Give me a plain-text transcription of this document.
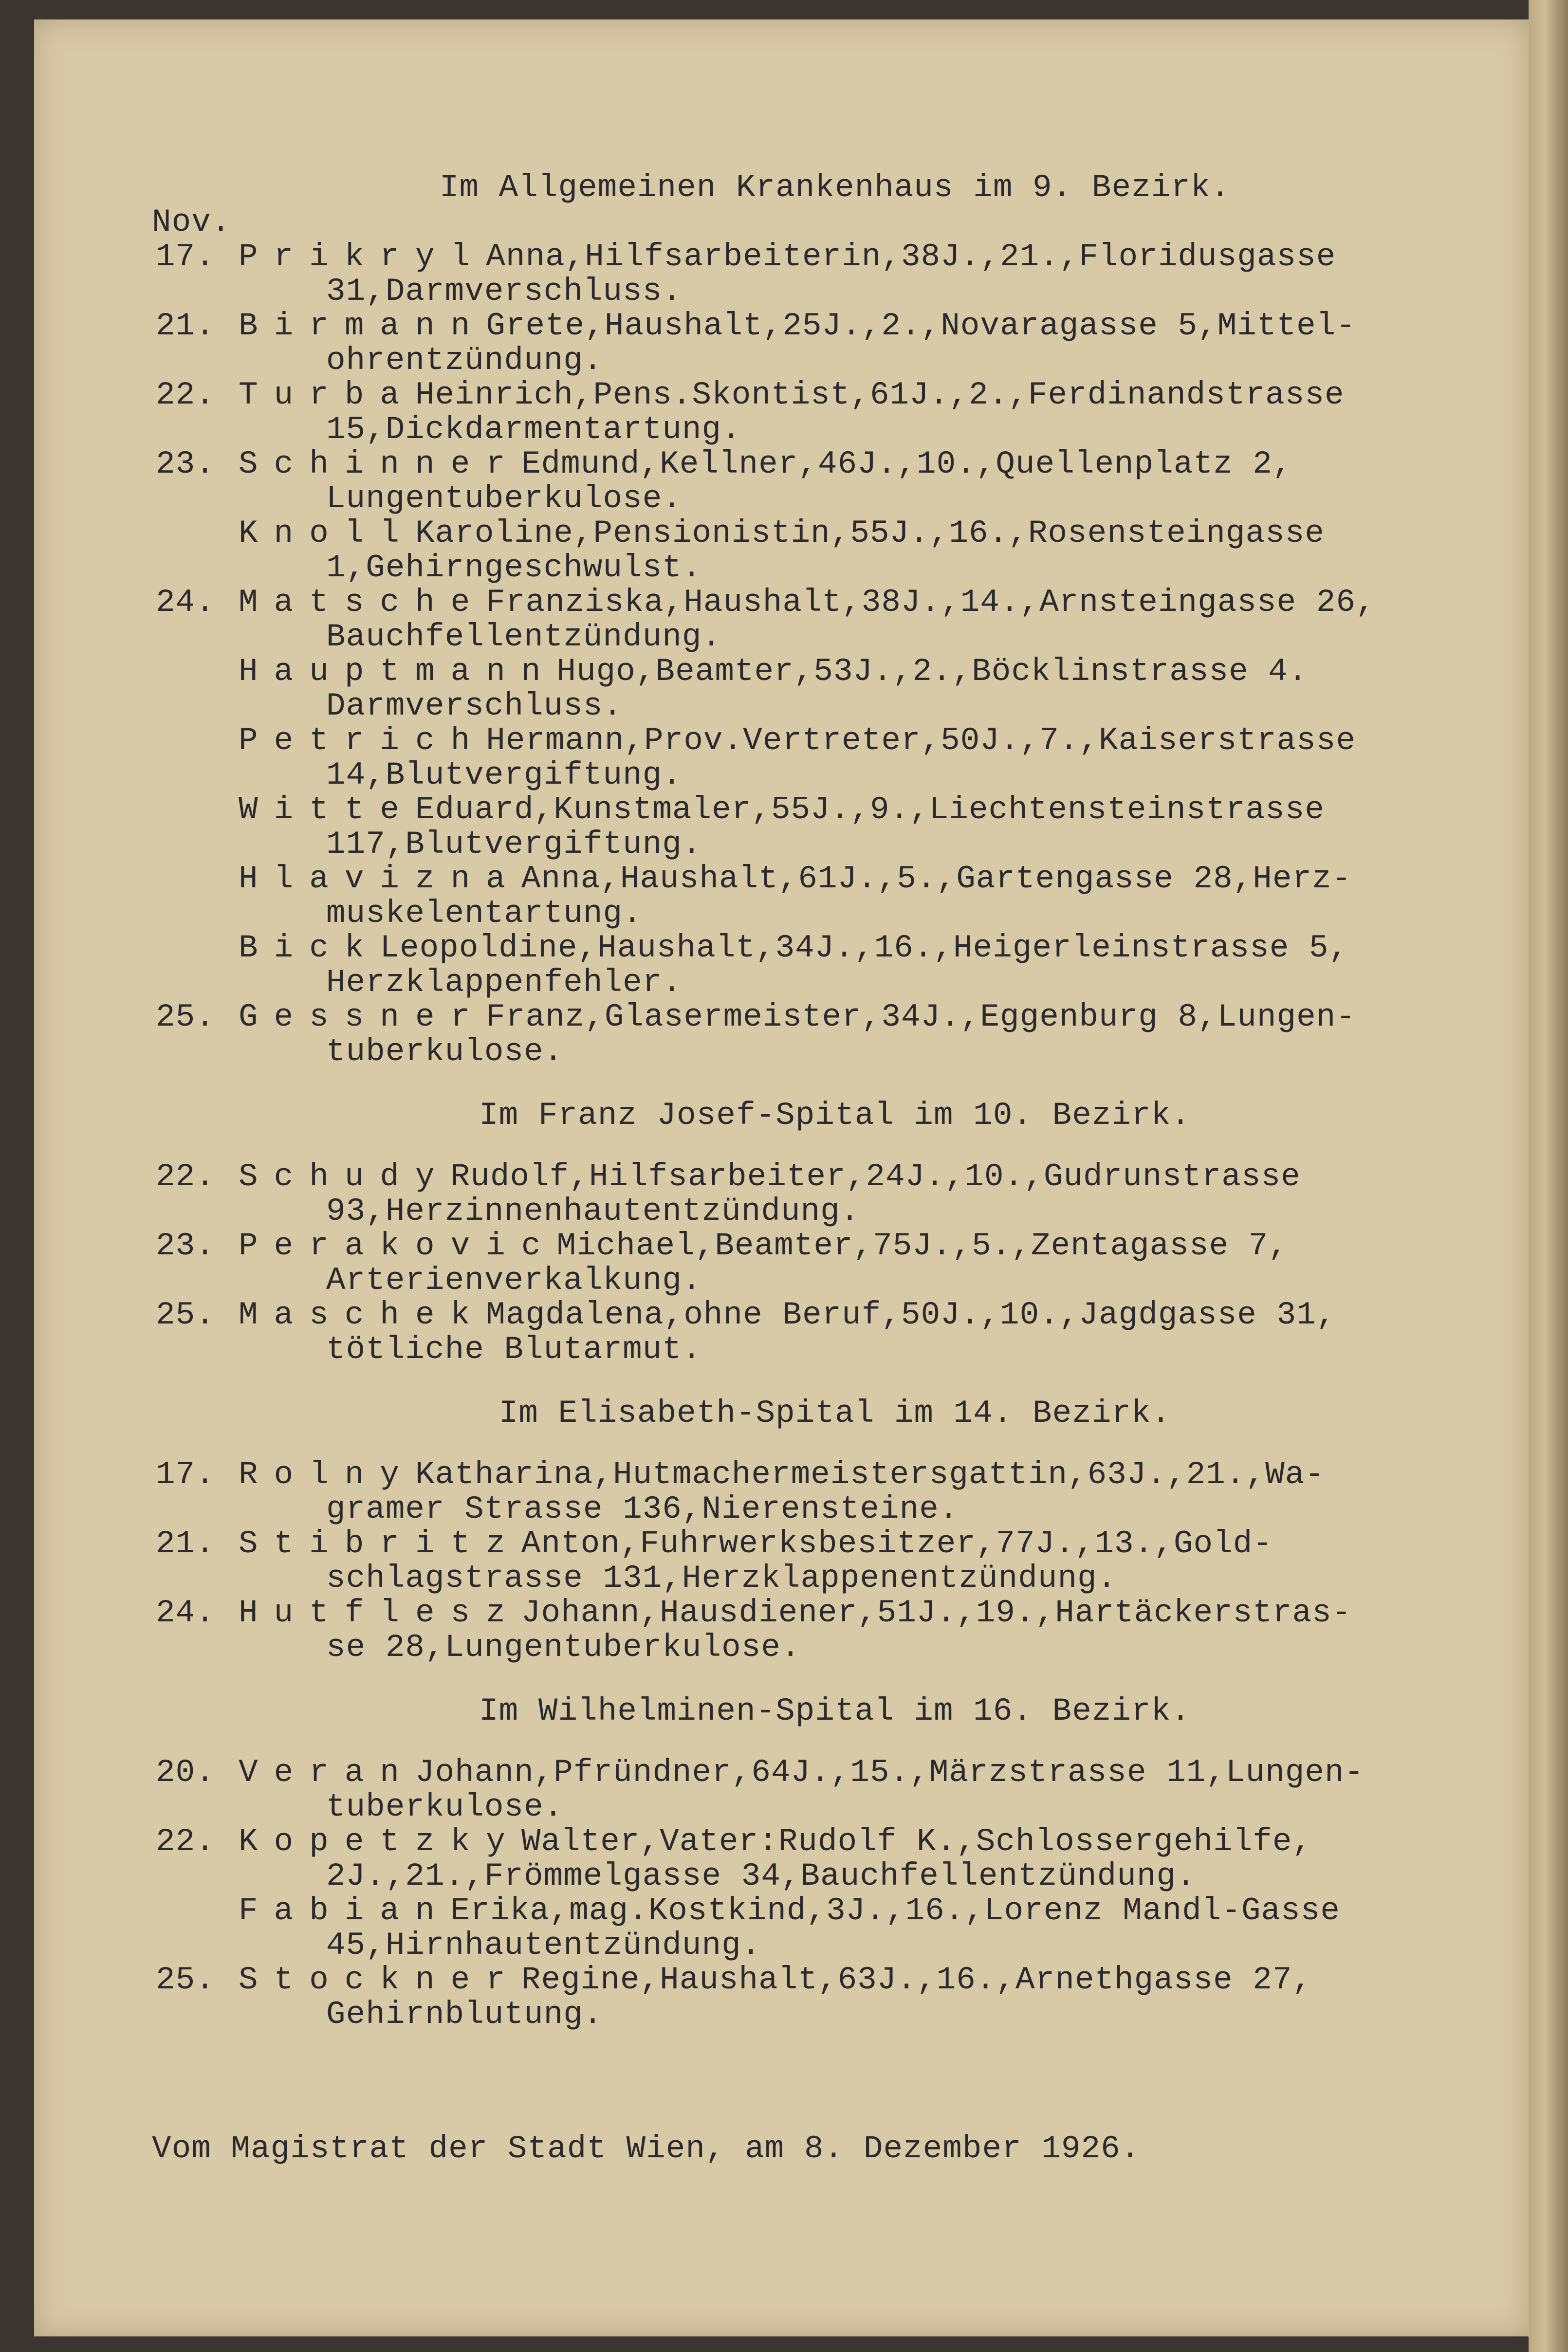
Im Allgemeinen Krankenhaus im 9. Bezirk.

Nov.
17. PrikrylAnna,Hilfsarbeiterin,38J.,21.,Floridusgasse
31,Darmverschluss.
21. BirmannGrete,Haushalt,25J.,2.,Novaragasse 5,Mittel-
ohrentzündung.
22. TurbaHeinrich,Pens.Skontist,61J.,2.,Ferdinandstrasse
15,Dickdarmentartung.
23. SchinnerEdmund,Kellner,46J.,10.,Quellenplatz 2,
Lungentuberkulose.
KnollKaroline,Pensionistin,55J.,16.,Rosensteingasse
1,Gehirngeschwulst.
24. MatscheFranziska,Haushalt,38J.,14.,Arnsteingasse 26,
Bauchfellentzündung.
HauptmannHugo,Beamter,53J.,2.,Böcklinstrasse 4.
Darmverschluss.
PetrichHermann,Prov.Vertreter,50J.,7.,Kaiserstrasse
14,Blutvergiftung.
WitteEduard,Kunstmaler,55J.,9.,Liechtensteinstrasse
117,Blutvergiftung.
HlaviznaAnna,Haushalt,61J.,5.,Gartengasse 28,Herz-
muskelentartung.
BickLeopoldine,Haushalt,34J.,16.,Heigerleinstrasse 5,
Herzklappenfehler.
25. GessnerFranz,Glasermeister,34J.,Eggenburg 8,Lungen-
tuberkulose.

Im Franz Josef-Spital im 10. Bezirk.

22. SchudyRudolf,Hilfsarbeiter,24J.,10.,Gudrunstrasse
93,Herzinnenhautentzündung.
23. PerakovicMichael,Beamter,75J.,5.,Zentagasse 7,
Arterienverkalkung.
25. MaschekMagdalena,ohne Beruf,50J.,10.,Jagdgasse 31,
tötliche Blutarmut.

Im Elisabeth-Spital im 14. Bezirk.

17. RolnyKatharina,Hutmachermeistersgattin,63J.,21.,Wa-
gramer Strasse 136,Nierensteine.
21. StibritzAnton,Fuhrwerksbesitzer,77J.,13.,Gold-
schlagstrasse 131,Herzklappenentzündung.
24. HutfleszJohann,Hausdiener,51J.,19.,Hartäckerstras-
se 28,Lungentuberkulose.

Im Wilhelminen-Spital im 16. Bezirk.

20. VeranJohann,Pfründner,64J.,15.,Märzstrasse 11,Lungen-
tuberkulose.
22. KopetzkyWalter,Vater:Rudolf K.,Schlossergehilfe,
2J.,21.,Frömmelgasse 34,Bauchfellentzündung.
FabianErika,mag.Kostkind,3J.,16.,Lorenz Mandl-Gasse
45,Hirnhautentzündung.
25. StocknerRegine,Haushalt,63J.,16.,Arnethgasse 27,
Gehirnblutung.
Vom Magistrat der Stadt Wien, am 8. Dezember 1926.
